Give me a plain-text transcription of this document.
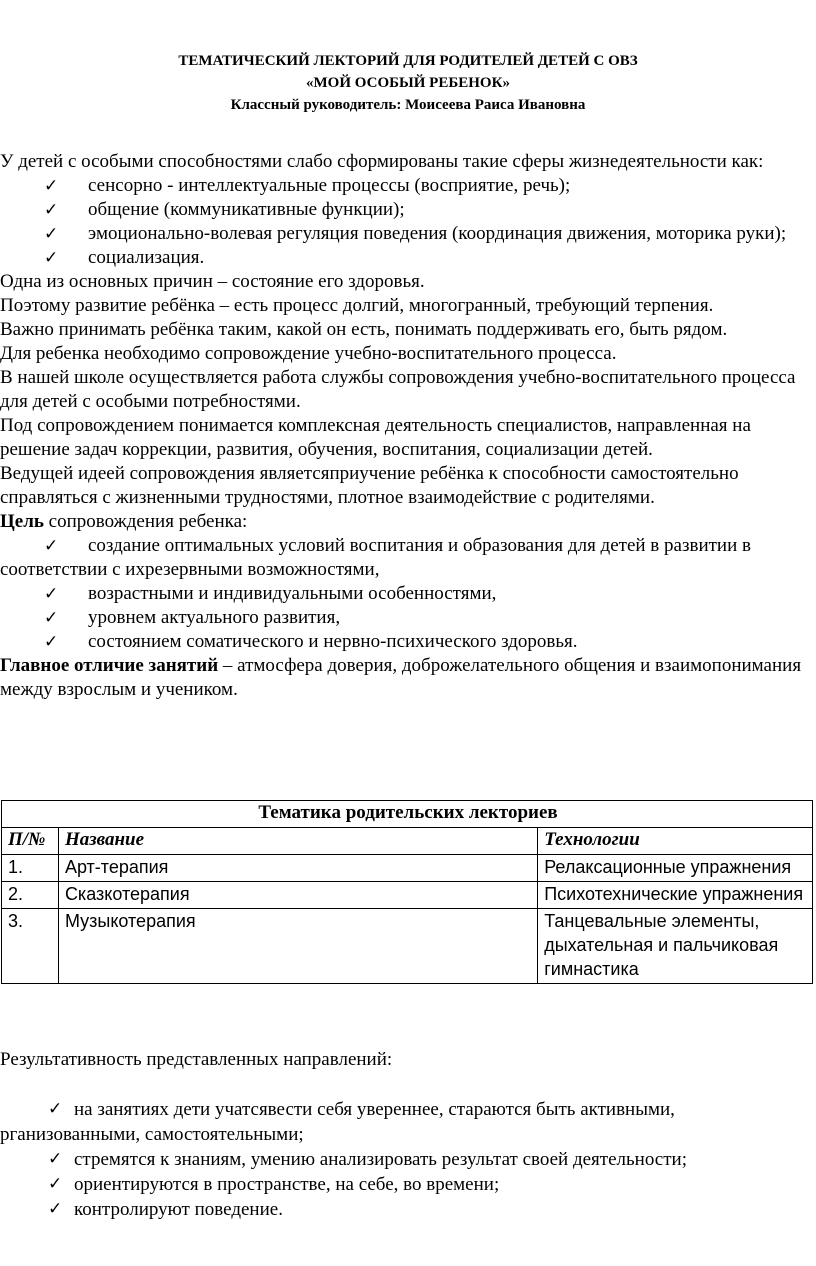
ТЕМАТИЧЕСКИЙ ЛЕКТОРИЙ ДЛЯ РОДИТЕЛЕЙ ДЕТЕЙ С ОВЗ
«МОЙ ОСОБЫЙ РЕБЕНОК»
Классный руководитель: Моисеева Раиса Ивановна

У детей с особыми способностями слабо сформированы такие сферы жизнедеятельности как:

✓ сенсорно - интеллектуальные процессы (восприятие, речь);

✓ общение (коммуникативные функции);

✓ эмоционально-волевая регуляция поведения (координация движения, моторика руки);

✓ социализация.

Одна из основных причин – состояние его здоровья.

Поэтому развитие ребёнка – есть процесс долгий, многогранный, требующий терпения.

Важно принимать ребёнка таким, какой он есть, понимать поддерживать его, быть рядом.

Для ребенка необходимо сопровождение учебно-воспитательного процесса.

В нашей школе осуществляется работа службы сопровождения учебно-воспитательного процесса для детей с особыми потребностями.

Под сопровождением понимается комплексная деятельность специалистов, направленная на решение задач коррекции, развития, обучения, воспитания, социализации детей.

Ведущей идеей сопровождения являетсяприучение ребёнка к способности самостоятельно справляться с жизненными трудностями, плотное взаимодействие с родителями.

Цель сопровождения ребенка:

✓ создание оптимальных условий воспитания и образования для детей в развитии в соответствии с ихрезервными возможностями,

✓ возрастными и индивидуальными особенностями,

✓ уровнем актуального развития,

✓ состоянием соматического и нервно-психического здоровья.

Главное отличие занятий – атмосфера доверия, доброжелательного общения и взаимопонимания между взрослым и учеником.

Тематика родительских лекториев		
П/№	Название	Технологии
1.	Арт-терапия	Релаксационные упражнения
2.	Сказкотерапия	Психотехнические упражнения
3.	Музыкотерапия	Танцевальные элементы, дыхательная и пальчиковая гимнастика

Результативность представленных направлений:

✓ на занятиях дети учатсявести себя увереннее, стараются быть активными, рганизованными, самостоятельными;

✓ стремятся к знаниям, умению анализировать результат своей деятельности;

✓ ориентируются в пространстве, на себе, во времени;

✓ контролируют поведение.
